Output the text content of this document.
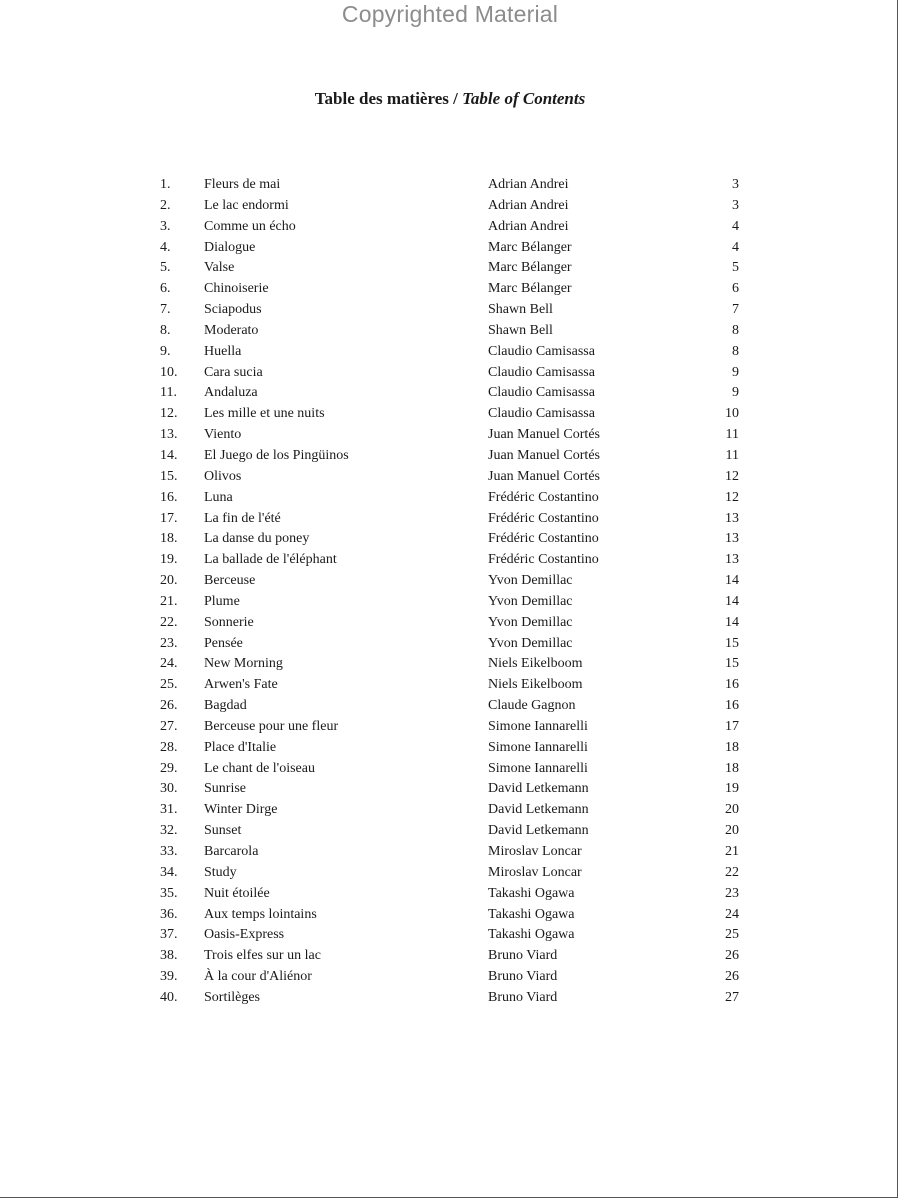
Copyrighted Material
Table des matières / Table of Contents
1. Fleurs de mai	Adrian Andrei	3
2. Le lac endormi	Adrian Andrei	3
3. Comme un écho	Adrian Andrei	4
4. Dialogue	Marc Bélanger	4
5. Valse	Marc Bélanger	5
6. Chinoiserie	Marc Bélanger	6
7. Sciapodus	Shawn Bell	7
8. Moderato	Shawn Bell	8
9. Huella	Claudio Camisassa	8
10. Cara sucia	Claudio Camisassa	9
11. Andaluza	Claudio Camisassa	9
12. Les mille et une nuits	Claudio Camisassa	10
13. Viento	Juan Manuel Cortés	11
14. El Juego de los Pingüinos	Juan Manuel Cortés	11
15. Olivos	Juan Manuel Cortés	12
16. Luna	Frédéric Costantino	12
17. La fin de l'été	Frédéric Costantino	13
18. La danse du poney	Frédéric Costantino	13
19. La ballade de l'éléphant	Frédéric Costantino	13
20. Berceuse	Yvon Demillac	14
21. Plume	Yvon Demillac	14
22. Sonnerie	Yvon Demillac	14
23. Pensée	Yvon Demillac	15
24. New Morning	Niels Eikelboom	15
25. Arwen's Fate	Niels Eikelboom	16
26. Bagdad	Claude Gagnon	16
27. Berceuse pour une fleur	Simone Iannarelli	17
28. Place d'Italie	Simone Iannarelli	18
29. Le chant de l'oiseau	Simone Iannarelli	18
30. Sunrise	David Letkemann	19
31. Winter Dirge	David Letkemann	20
32. Sunset	David Letkemann	20
33. Barcarola	Miroslav Loncar	21
34. Study	Miroslav Loncar	22
35. Nuit étoilée	Takashi Ogawa	23
36. Aux temps lointains	Takashi Ogawa	24
37. Oasis-Express	Takashi Ogawa	25
38. Trois elfes sur un lac	Bruno Viard	26
39. À la cour d'Aliénor	Bruno Viard	26
40. Sortilèges	Bruno Viard	27
